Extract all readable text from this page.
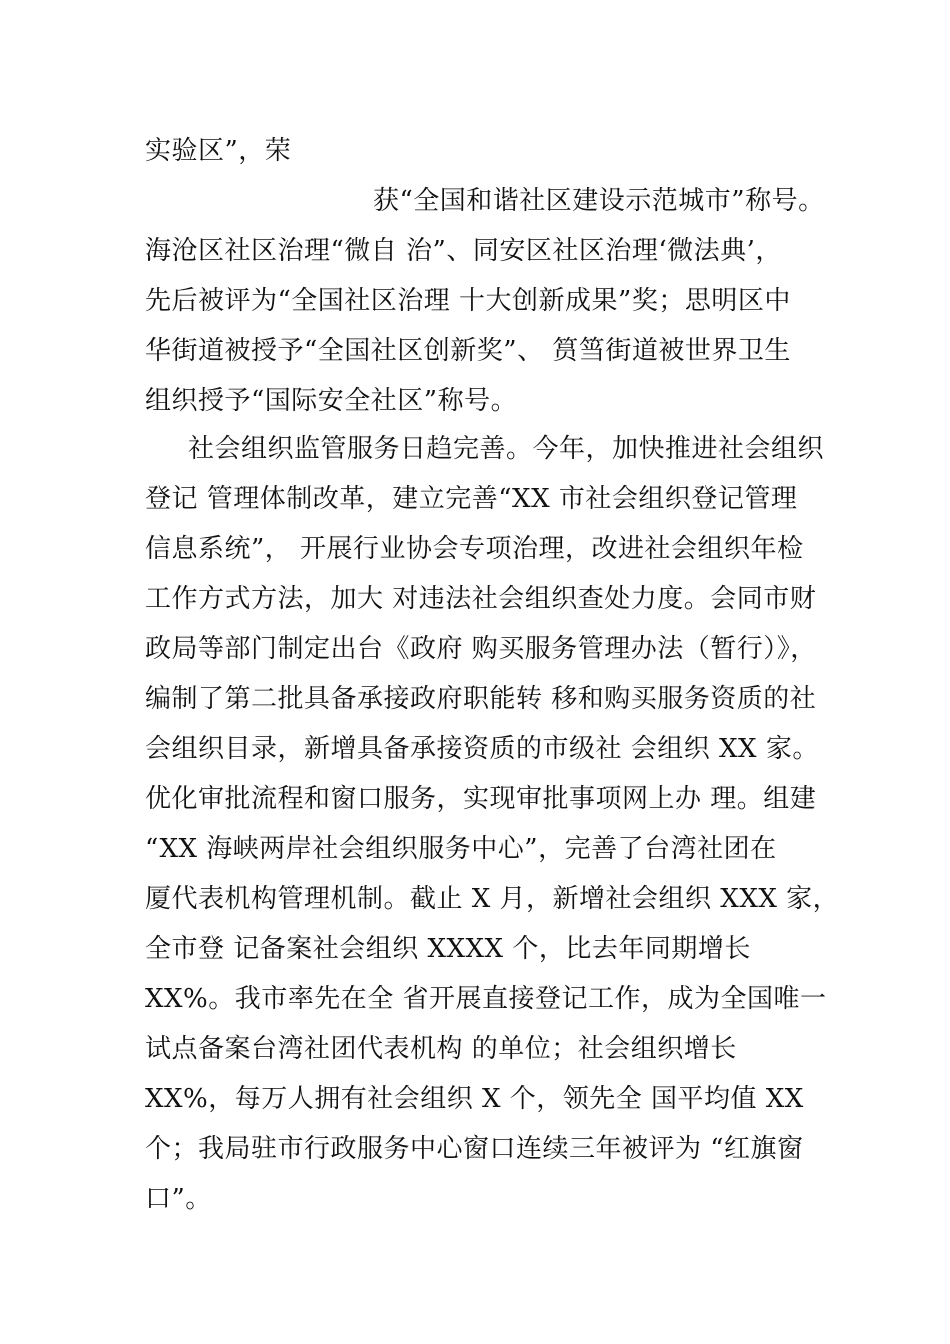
实验区”，荣
获“全国和谐社区建设示范城市”称号。
海沧区社区治理“微自 治”、同安区社区治理‘微法典’，
先后被评为“全国社区治理 十大创新成果”奖；思明区中
华街道被授予“全国社区创新奖”、 筼筜街道被世界卫生
组织授予“国际安全社区”称号。
社会组织监管服务日趋完善。今年，加快推进社会组织
登记 管理体制改革，建立完善“XX 市社会组织登记管理
信息系统”， 开展行业协会专项治理，改进社会组织年检
工作方式方法，加大 对违法社会组织查处力度。会同市财
政局等部门制定出台《政府 购买服务管理办法（暂行）》，
编制了第二批具备承接政府职能转 移和购买服务资质的社
会组织目录，新增具备承接资质的市级社 会组织 XX 家。
优化审批流程和窗口服务，实现审批事项网上办 理。组建
“XX 海峡两岸社会组织服务中心”，完善了台湾社团在
厦代表机构管理机制。截止 X 月，新增社会组织 XXX 家，
全市登 记备案社会组织 XXXX 个，比去年同期增长
XX%。我市率先在全 省开展直接登记工作，成为全国唯一
试点备案台湾社团代表机构 的单位；社会组织增长
XX%，每万人拥有社会组织 X 个，领先全 国平均值 XX
个；我局驻市行政服务中心窗口连续三年被评为 “红旗窗
口”。
